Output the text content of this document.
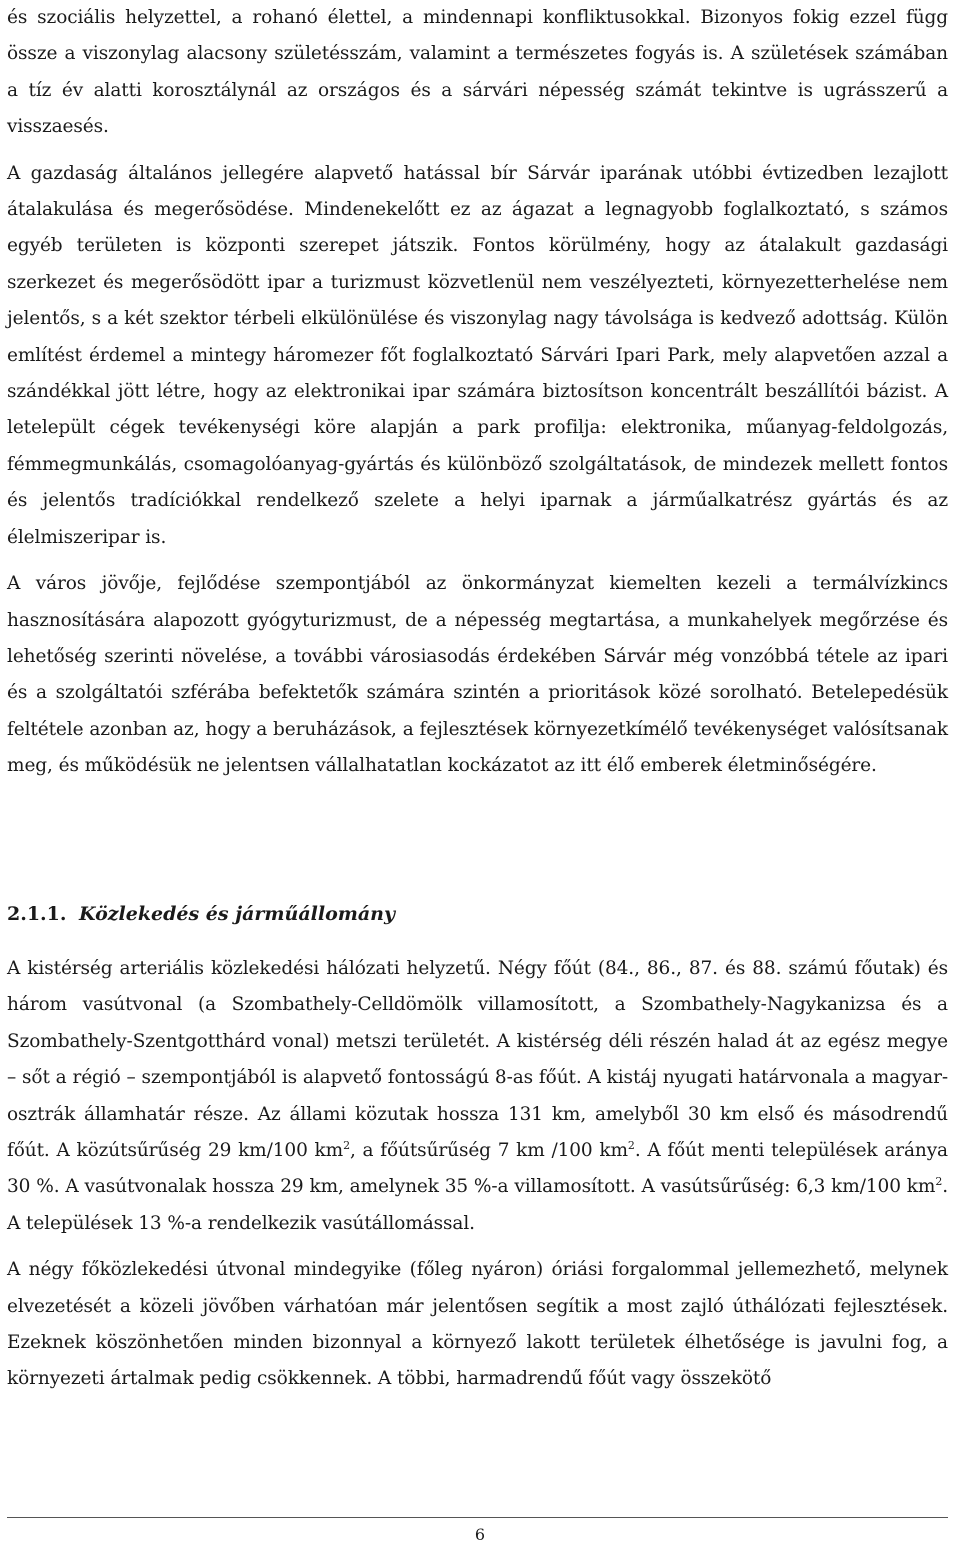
és szociális helyzettel, a rohanó élettel, a mindennapi konfliktusokkal. Bizonyos fokig ezzel függ össze a viszonylag alacsony születésszám, valamint a természetes fogyás is. A születések számában a tíz év alatti korosztálynál az országos és a sárvári népesség számát tekintve is ugrásszerű a visszaesés.

A gazdaság általános jellegére alapvető hatással bír Sárvár iparának utóbbi évtizedben lezajlott átalakulása és megerősödése. Mindenekelőtt ez az ágazat a legnagyobb foglalkoztató, s számos egyéb területen is központi szerepet játszik. Fontos körülmény, hogy az átalakult gazdasági szerkezet és megerősödött ipar a turizmust közvetlenül nem veszélyezteti, környezetterhelése nem jelentős, s a két szektor térbeli elkülönülése és viszonylag nagy távolsága is kedvező adottság. Külön említést érdemel a mintegy háromezer főt foglalkoztató Sárvári Ipari Park, mely alapvetően azzal a szándékkal jött létre, hogy az elektronikai ipar számára biztosítson koncentrált beszállítói bázist. A letelepült cégek tevékenységi köre alapján a park profilja: elektronika, műanyag-feldolgozás, fémmegmunkálás, csomagolóanyag-gyártás és különböző szolgáltatások, de mindezek mellett fontos és jelentős tradíciókkal rendelkező szelete a helyi iparnak a járműalkatrész gyártás és az élelmiszeripar is.

A város jövője, fejlődése szempontjából az önkormányzat kiemelten kezeli a termálvízkincs hasznosítására alapozott gyógyturizmust, de a népesség megtartása, a munkahelyek megőrzése és lehetőség szerinti növelése, a további városiasodás érdekében Sárvár még vonzóbbá tétele az ipari és a szolgáltatói szférába befektetők számára szintén a prioritások közé sorolható. Betelepedésük feltétele azonban az, hogy a beruházások, a fejlesztések környezetkímélő tevékenységet valósítsanak meg, és működésük ne jelentsen vállalhatatlan kockázatot az itt élő emberek életminőségére.

2.1.1. Közlekedés és járműállomány

A kistérség arteriális közlekedési hálózati helyzetű. Négy főút (84., 86., 87. és 88. számú főutak) és három vasútvonal (a Szombathely-Celldömölk villamosított, a Szombathely-Nagykanizsa és a Szombathely-Szentgotthárd vonal) metszi területét. A kistérség déli részén halad át az egész megye – sőt a régió – szempontjából is alapvető fontosságú 8-as főút. A kistáj nyugati határvonala a magyar-osztrák államhatár része. Az állami közutak hossza 131 km, amelyből 30 km első és másodrendű főút. A közútsűrűség 29 km/100 $km^2$, a főútsűrűség 7 km /100 $km^2$. A főút menti települések aránya 30 %. A vasútvonalak hossza 29 km, amelynek 35 %-a villamosított. A vasútsűrűség: 6,3 km/100 $km^2$. A települések 13 %-a rendelkezik vasútállomással.

A négy főközlekedési útvonal mindegyike (főleg nyáron) óriási forgalommal jellemezhető, melynek elvezetését a közeli jövőben várhatóan már jelentősen segítik a most zajló úthálózati fejlesztések. Ezeknek köszönhetően minden bizonnyal a környező lakott területek élhetősége is javulni fog, a környezeti ártalmak pedig csökkennek. A többi, harmadrendű főút vagy összekötő

6
